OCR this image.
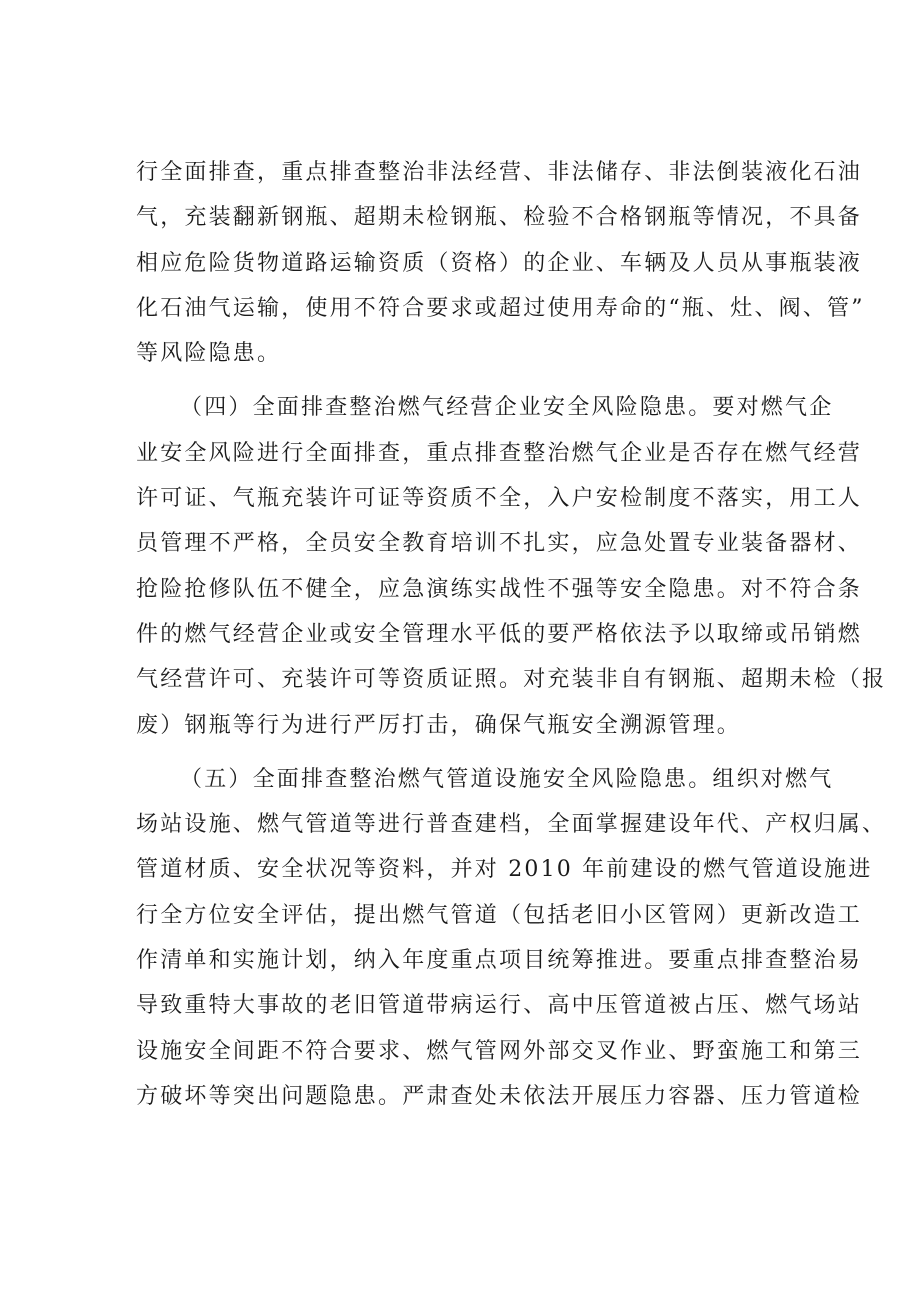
行全面排查，重点排查整治非法经营、非法储存、非法倒装液化石油
气，充装翻新钢瓶、超期未检钢瓶、检验不合格钢瓶等情况，不具备
相应危险货物道路运输资质（资格）的企业、车辆及人员从事瓶装液
化石油气运输，使用不符合要求或超过使用寿命的“瓶、灶、阀、管”
等风险隐患。
（四）全面排查整治燃气经营企业安全风险隐患。要对燃气企
业安全风险进行全面排查，重点排查整治燃气企业是否存在燃气经营
许可证、气瓶充装许可证等资质不全，入户安检制度不落实，用工人
员管理不严格，全员安全教育培训不扎实，应急处置专业装备器材、
抢险抢修队伍不健全，应急演练实战性不强等安全隐患。对不符合条
件的燃气经营企业或安全管理水平低的要严格依法予以取缔或吊销燃
气经营许可、充装许可等资质证照。对充装非自有钢瓶、超期未检（报
废）钢瓶等行为进行严厉打击，确保气瓶安全溯源管理。
（五）全面排查整治燃气管道设施安全风险隐患。组织对燃气
场站设施、燃气管道等进行普查建档，全面掌握建设年代、产权归属、
管道材质、安全状况等资料，并对 2010 年前建设的燃气管道设施进
行全方位安全评估，提出燃气管道（包括老旧小区管网）更新改造工
作清单和实施计划，纳入年度重点项目统筹推进。要重点排查整治易
导致重特大事故的老旧管道带病运行、高中压管道被占压、燃气场站
设施安全间距不符合要求、燃气管网外部交叉作业、野蛮施工和第三
方破坏等突出问题隐患。严肃查处未依法开展压力容器、压力管道检
